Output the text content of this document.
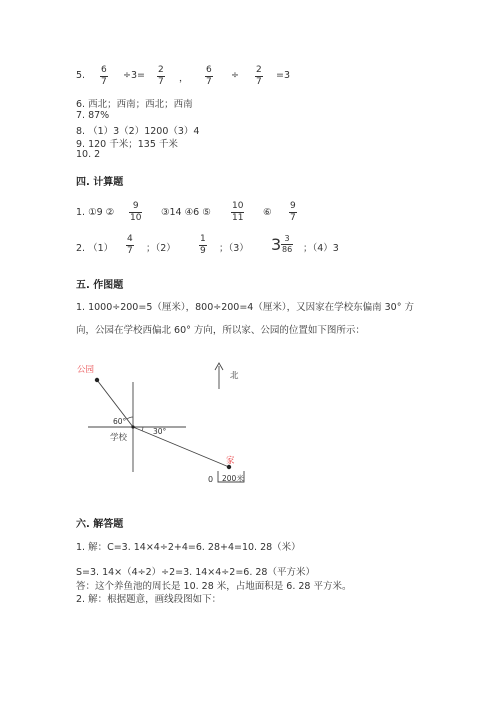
5. 6
7
÷3= 2
7 ，
6
7
÷ 2
7
=3
6. 西北；西南；西北；西南
7. 87%
8. （1）3（2）1200（3）4
9. 120 千米；135 千米
10. 2
四. 计算题
1. ①9 ②
9
10 ③14 ④6 ⑤
10
11 ⑥
9
7
2. （1）
4
7 ；（2）
1
9 ；（3） 3 3
86 ；（4）3
五. 作图题
1. 1000÷200=5（厘米），800÷200=4（厘米），又因家在学校东偏南 30° 方
向，公园在学校西偏北 60° 方向，所以家、公园的位置如下图所示：
公园
北
60°
30°
学校
家
0 200米
六. 解答题
1. 解：C=3. 14×4÷2+4=6. 28+4=10. 28（米）
S=3. 14×（4÷2）÷2=3. 14×4÷2=6. 28（平方米）
答：这个养鱼池的周长是 10. 28 米，占地面积是 6. 28 平方米。
2. 解：根据题意，画线段图如下：
